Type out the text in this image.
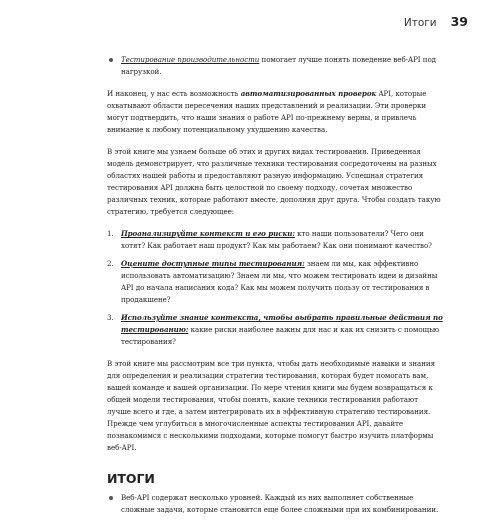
Итоги 39

Тестирование производительности помогает лучше понять поведение веб-API под нагрузкой.

И наконец, у нас есть возможность автоматизированных проверок API, которые охватывают области пересечения наших представлений и реализации. Эти проверки могут подтвердить, что наши знания о работе API по-прежнему верны, и привлечь внимание к любому потенциальному ухудшению качества.

В этой книге мы узнаем больше об этих и других видах тестирования. Приведенная модель демонстрирует, что различные техники тестирования сосредоточены на разных областях нашей работы и предоставляют разную информацию. Успешная стратегия тестирования API должна быть целостной по своему подходу, сочетая множество различных техник, которые работают вместе, дополняя друг друга. Чтобы создать такую стратегию, требуется следующее:

1. Проанализируйте контекст и его риски: кто наши пользователи? Чего они хотят? Как работает наш продукт? Как мы работаем? Как они понимают качество?
2. Оцените доступные типы тестирования: знаем ли мы, как эффективно использовать автоматизацию? Знаем ли мы, что можем тестировать идеи и дизайны API до начала написания кода? Как мы можем получить пользу от тестирования в продакшене?
3. Используйте знание контекста, чтобы выбрать правильные действия по тестированию: какие риски наиболее важны для нас и как их снизить с помощью тестирования?

В этой книге мы рассмотрим все три пункта, чтобы дать необходимые навыки и знания для определения и реализации стратегии тестирования, которая будет помогать вам, вашей команде и вашей организации. По мере чтения книги мы будем возвращаться к общей модели тестирования, чтобы понять, какие техники тестирования работают лучше всего и где, а затем интегрировать их в эффективную стратегию тестирования. Прежде чем углубиться в многочисленные аспекты тестирования API, давайте познакомимся с несколькими подходами, которые помогут быстро изучить платформы веб-API.

ИТОГИ

Веб-API содержат несколько уровней. Каждый из них выполняет собственные сложные задачи, которые становятся еще более сложными при их комбинировании.
